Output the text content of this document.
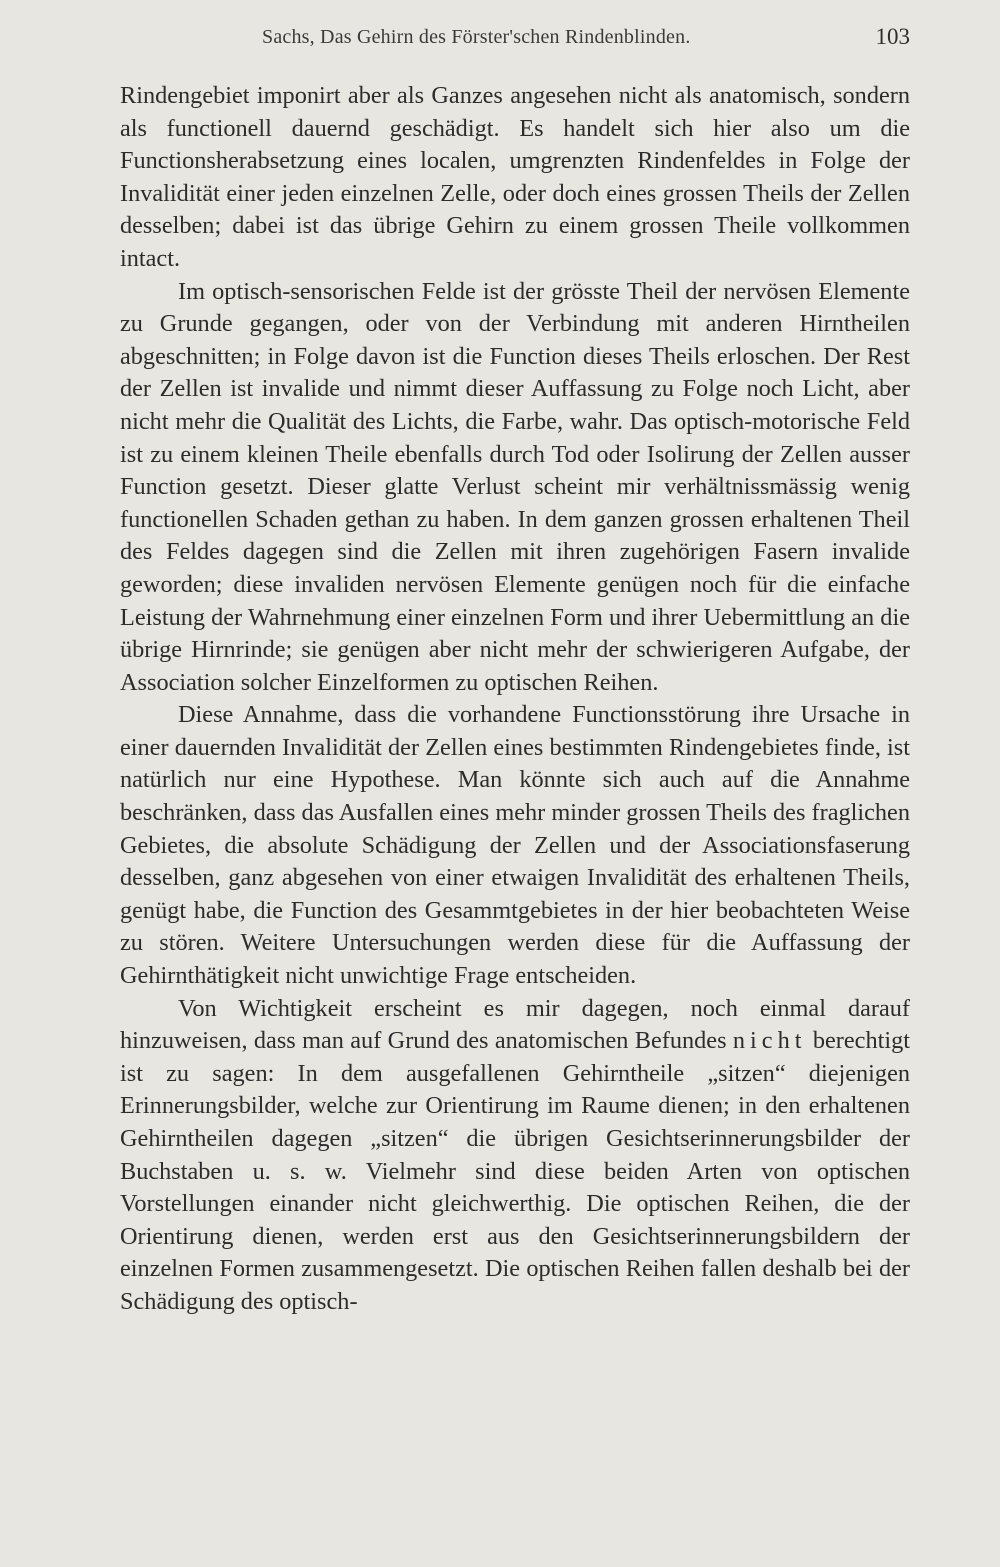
Sachs, Das Gehirn des Förster'schen Rindenblinden.	103

Rindengebiet imponirt aber als Ganzes angesehen nicht als anatomisch, sondern als functionell dauernd geschädigt. Es handelt sich hier also um die Functionsherabsetzung eines localen, umgrenzten Rindenfeldes in Folge der Invalidität einer jeden einzelnen Zelle, oder doch eines grossen Theils der Zellen desselben; dabei ist das übrige Gehirn zu einem grossen Theile vollkommen intact.

Im optisch-sensorischen Felde ist der grösste Theil der nervösen Elemente zu Grunde gegangen, oder von der Verbindung mit anderen Hirntheilen abgeschnitten; in Folge davon ist die Function dieses Theils erloschen. Der Rest der Zellen ist invalide und nimmt dieser Auffassung zu Folge noch Licht, aber nicht mehr die Qualität des Lichts, die Farbe, wahr. Das optisch-motorische Feld ist zu einem kleinen Theile ebenfalls durch Tod oder Isolirung der Zellen ausser Function gesetzt. Dieser glatte Verlust scheint mir verhältnissmässig wenig functionellen Schaden gethan zu haben. In dem ganzen grossen erhaltenen Theil des Feldes dagegen sind die Zellen mit ihren zugehörigen Fasern invalide geworden; diese invaliden nervösen Elemente genügen noch für die einfache Leistung der Wahrnehmung einer einzelnen Form und ihrer Uebermittlung an die übrige Hirnrinde; sie genügen aber nicht mehr der schwierigeren Aufgabe, der Association solcher Einzelformen zu optischen Reihen.

Diese Annahme, dass die vorhandene Functionsstörung ihre Ursache in einer dauernden Invalidität der Zellen eines bestimmten Rindengebietes finde, ist natürlich nur eine Hypothese. Man könnte sich auch auf die Annahme beschränken, dass das Ausfallen eines mehr minder grossen Theils des fraglichen Gebietes, die absolute Schädigung der Zellen und der Associationsfaserung desselben, ganz abgesehen von einer etwaigen Invalidität des erhaltenen Theils, genügt habe, die Function des Gesammtgebietes in der hier beobachteten Weise zu stören. Weitere Untersuchungen werden diese für die Auffassung der Gehirnthätigkeit nicht unwichtige Frage entscheiden.

Von Wichtigkeit erscheint es mir dagegen, noch einmal darauf hinzuweisen, dass man auf Grund des anatomischen Befundes nicht berechtigt ist zu sagen: In dem ausgefallenen Gehirntheile „sitzen“ diejenigen Erinnerungsbilder, welche zur Orientirung im Raume dienen; in den erhaltenen Gehirntheilen dagegen „sitzen“ die übrigen Gesichtserinnerungsbilder der Buchstaben u. s. w. Vielmehr sind diese beiden Arten von optischen Vorstellungen einander nicht gleichwerthig. Die optischen Reihen, die der Orientirung dienen, werden erst aus den Gesichtserinnerungsbildern der einzelnen Formen zusammengesetzt. Die optischen Reihen fallen deshalb bei der Schädigung des optisch-
